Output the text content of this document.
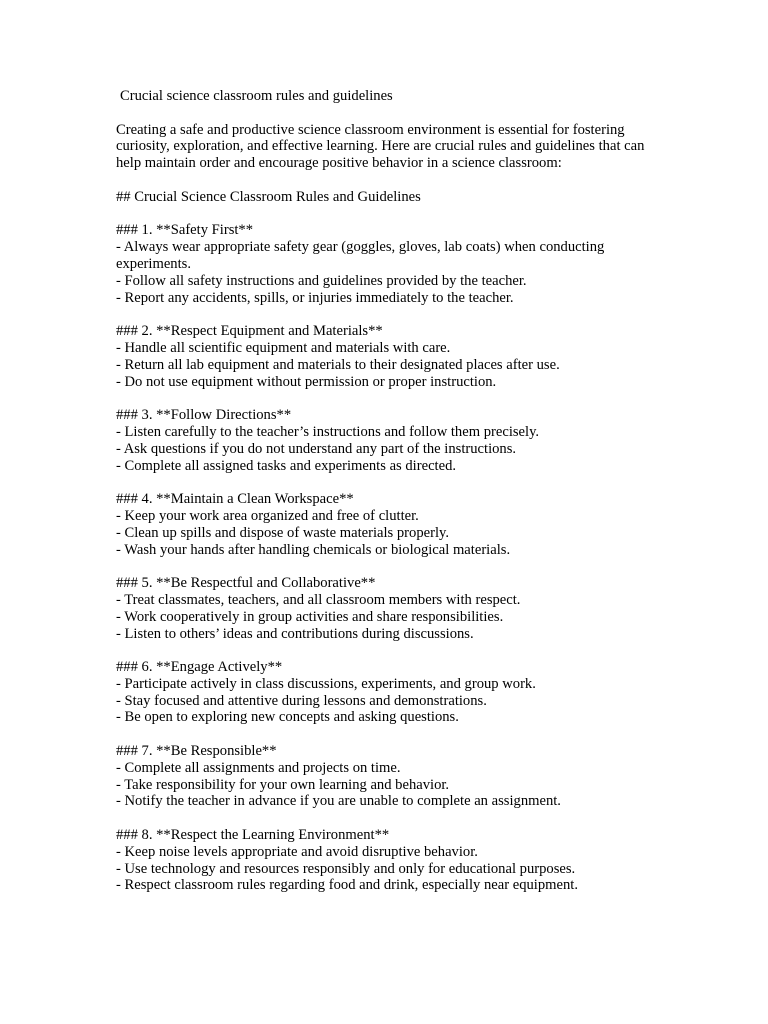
Crucial science classroom rules and guidelines

Creating a safe and productive science classroom environment is essential for fostering curiosity, exploration, and effective learning. Here are crucial rules and guidelines that can help maintain order and encourage positive behavior in a science classroom:

## Crucial Science Classroom Rules and Guidelines

### 1. **Safety First**

- Always wear appropriate safety gear (goggles, gloves, lab coats) when conducting experiments.

- Follow all safety instructions and guidelines provided by the teacher.

- Report any accidents, spills, or injuries immediately to the teacher.

### 2. **Respect Equipment and Materials**

- Handle all scientific equipment and materials with care.

- Return all lab equipment and materials to their designated places after use.

- Do not use equipment without permission or proper instruction.

### 3. **Follow Directions**

- Listen carefully to the teacher’s instructions and follow them precisely.

- Ask questions if you do not understand any part of the instructions.

- Complete all assigned tasks and experiments as directed.

### 4. **Maintain a Clean Workspace**

- Keep your work area organized and free of clutter.

- Clean up spills and dispose of waste materials properly.

- Wash your hands after handling chemicals or biological materials.

### 5. **Be Respectful and Collaborative**

- Treat classmates, teachers, and all classroom members with respect.

- Work cooperatively in group activities and share responsibilities.

- Listen to others’ ideas and contributions during discussions.

### 6. **Engage Actively**

- Participate actively in class discussions, experiments, and group work.

- Stay focused and attentive during lessons and demonstrations.

- Be open to exploring new concepts and asking questions.

### 7. **Be Responsible**

- Complete all assignments and projects on time.

- Take responsibility for your own learning and behavior.

- Notify the teacher in advance if you are unable to complete an assignment.

### 8. **Respect the Learning Environment**

- Keep noise levels appropriate and avoid disruptive behavior.

- Use technology and resources responsibly and only for educational purposes.

- Respect classroom rules regarding food and drink, especially near equipment.
